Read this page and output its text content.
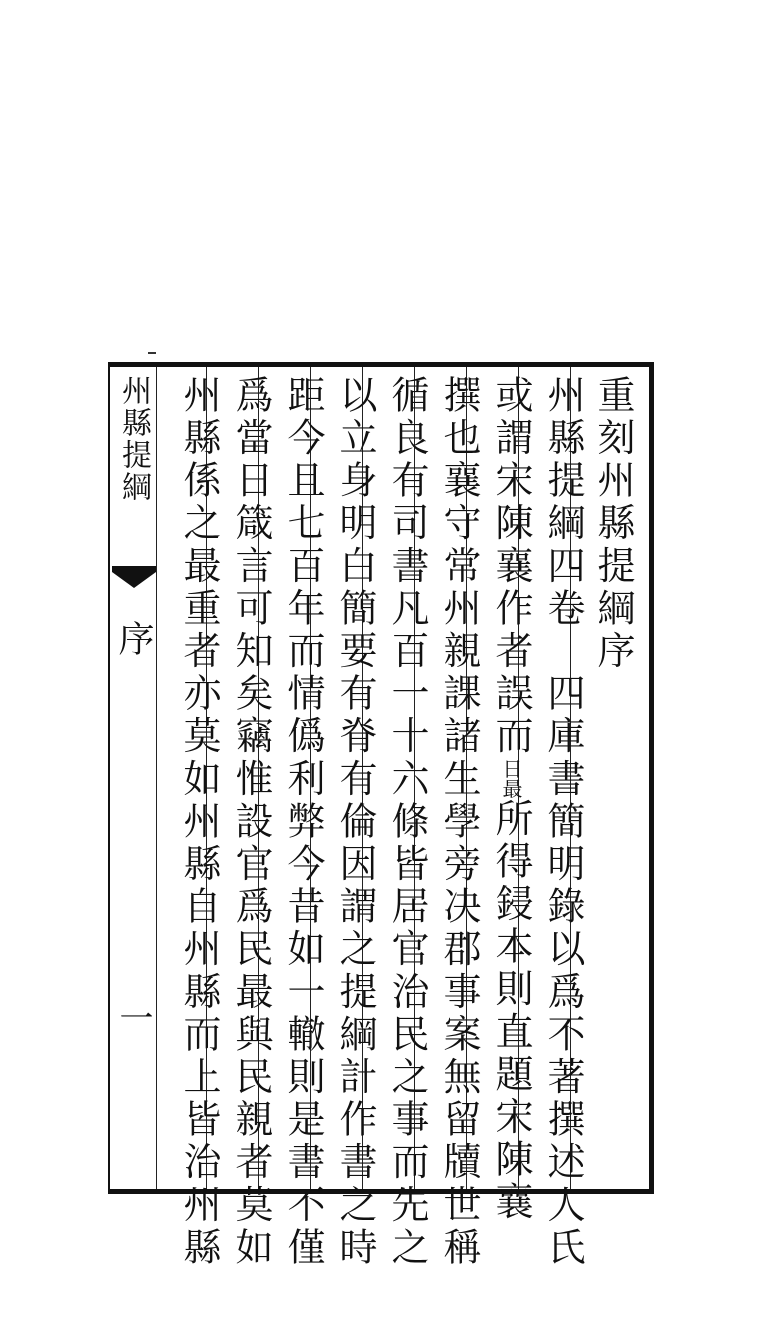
重刻州縣提綱序
州縣提綱四卷　四庫書簡明錄以爲不著撰述人氏
或謂宋陳襄作者誤而日最所得鋟本則直題宋陳襄
撰也襄守常州親課諸生學旁决郡事案無留牘世稱
循良有司書凡百一十六條皆居官治民之事而先之
以立身明白簡要有脊有倫因謂之提綱計作書之時
距今且七百年而情僞利弊今昔如一轍則是書不僅
爲當日箴言可知矣竊惟設官爲民最與民親者莫如
州縣係之最重者亦莫如州縣自州縣而上皆治州縣
州縣提綱
序
一
